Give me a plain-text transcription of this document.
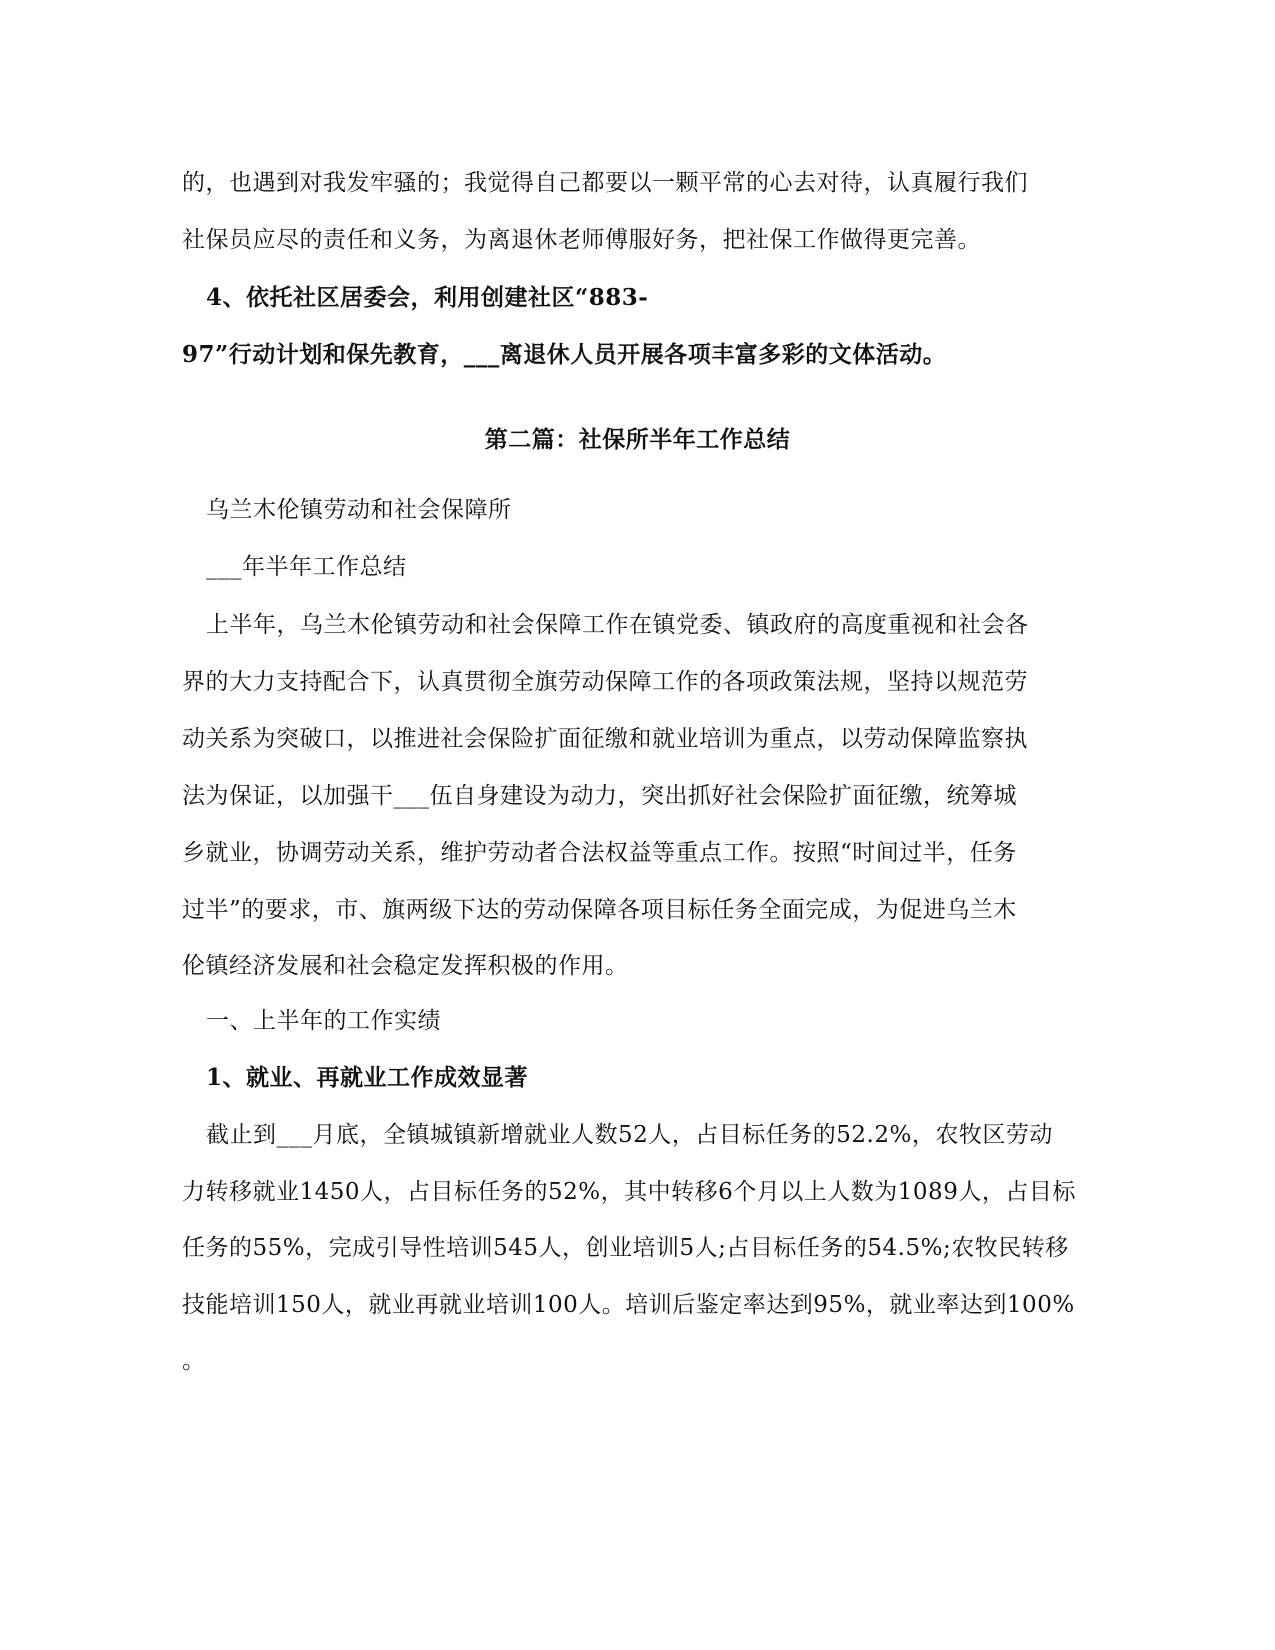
的，也遇到对我发牢骚的；我觉得自己都要以一颗平常的心去对待，认真履行我们
社保员应尽的责任和义务，为离退休老师傅服好务，把社保工作做得更完善。
4、依托社区居委会，利用创建社区“883-
97”行动计划和保先教育，___离退休人员开展各项丰富多彩的文体活动。
第二篇：社保所半年工作总结
乌兰木伦镇劳动和社会保障所
___年半年工作总结
上半年，乌兰木伦镇劳动和社会保障工作在镇党委、镇政府的高度重视和社会各
界的大力支持配合下，认真贯彻全旗劳动保障工作的各项政策法规，坚持以规范劳
动关系为突破口，以推进社会保险扩面征缴和就业培训为重点，以劳动保障监察执
法为保证，以加强干___伍自身建设为动力，突出抓好社会保险扩面征缴，统筹城
乡就业，协调劳动关系，维护劳动者合法权益等重点工作。按照“时间过半，任务
过半”的要求，市、旗两级下达的劳动保障各项目标任务全面完成，为促进乌兰木
伦镇经济发展和社会稳定发挥积极的作用。
一、上半年的工作实绩
1、就业、再就业工作成效显著
截止到___月底，全镇城镇新增就业人数52人，占目标任务的52.2%，农牧区劳动
力转移就业1450人，占目标任务的52%，其中转移6个月以上人数为1089人，占目标
任务的55%，完成引导性培训545人，创业培训5人;占目标任务的54.5%;农牧民转移
技能培训150人，就业再就业培训100人。培训后鉴定率达到95%，就业率达到100%
。
